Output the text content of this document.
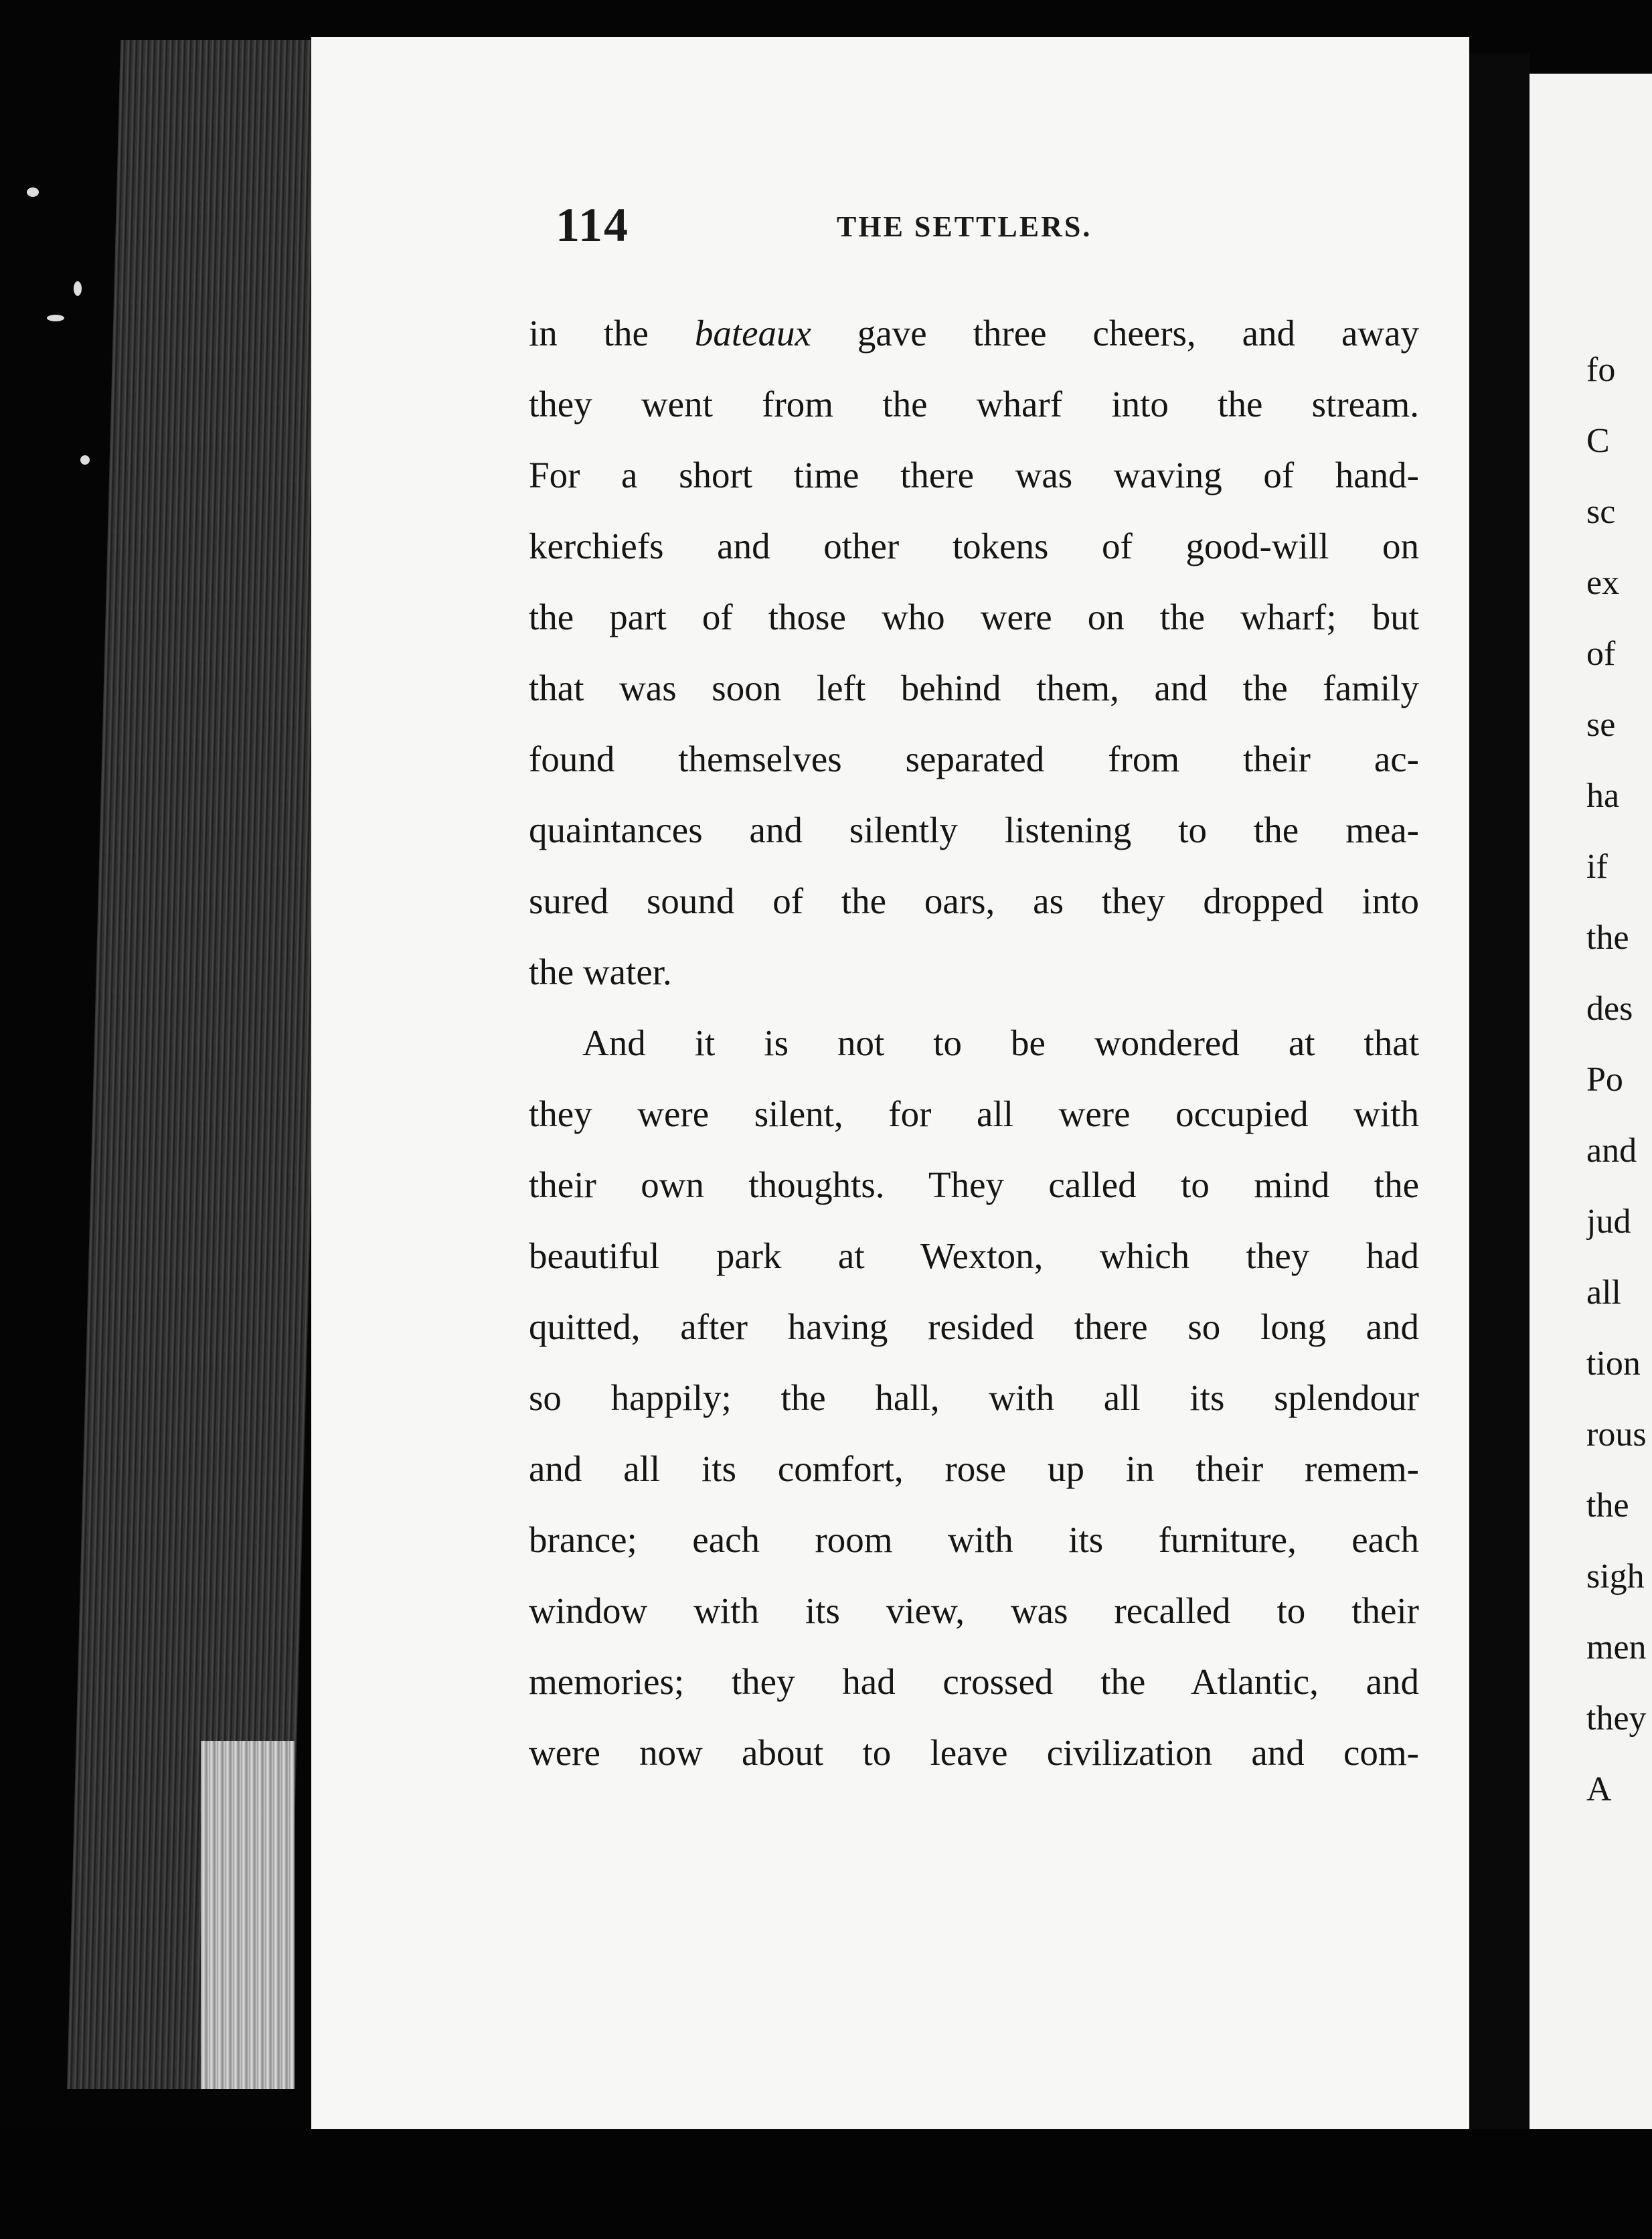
114	THE SETTLERS.
in the bateaux gave three cheers, and away
they went from the wharf into the stream.
For a short time there was waving of hand-
kerchiefs and other tokens of good-will on
the part of those who were on the wharf; but
that was soon left behind them, and the family
found themselves separated from their ac-
quaintances and silently listening to the mea-
sured sound of the oars, as they dropped into
the water.
And it is not to be wondered at that
they were silent, for all were occupied with
their own thoughts. They called to mind the
beautiful park at Wexton, which they had
quitted, after having resided there so long and
so happily; the hall, with all its splendour
and all its comfort, rose up in their remem-
brance; each room with its furniture, each
window with its view, was recalled to their
memories; they had crossed the Atlantic, and
were now about to leave civilization and com-
fo
C
sc
ex
of
se
ha
if
the
des
Po
and
jud
all
tion
rous
the
sigh
men
they
A
